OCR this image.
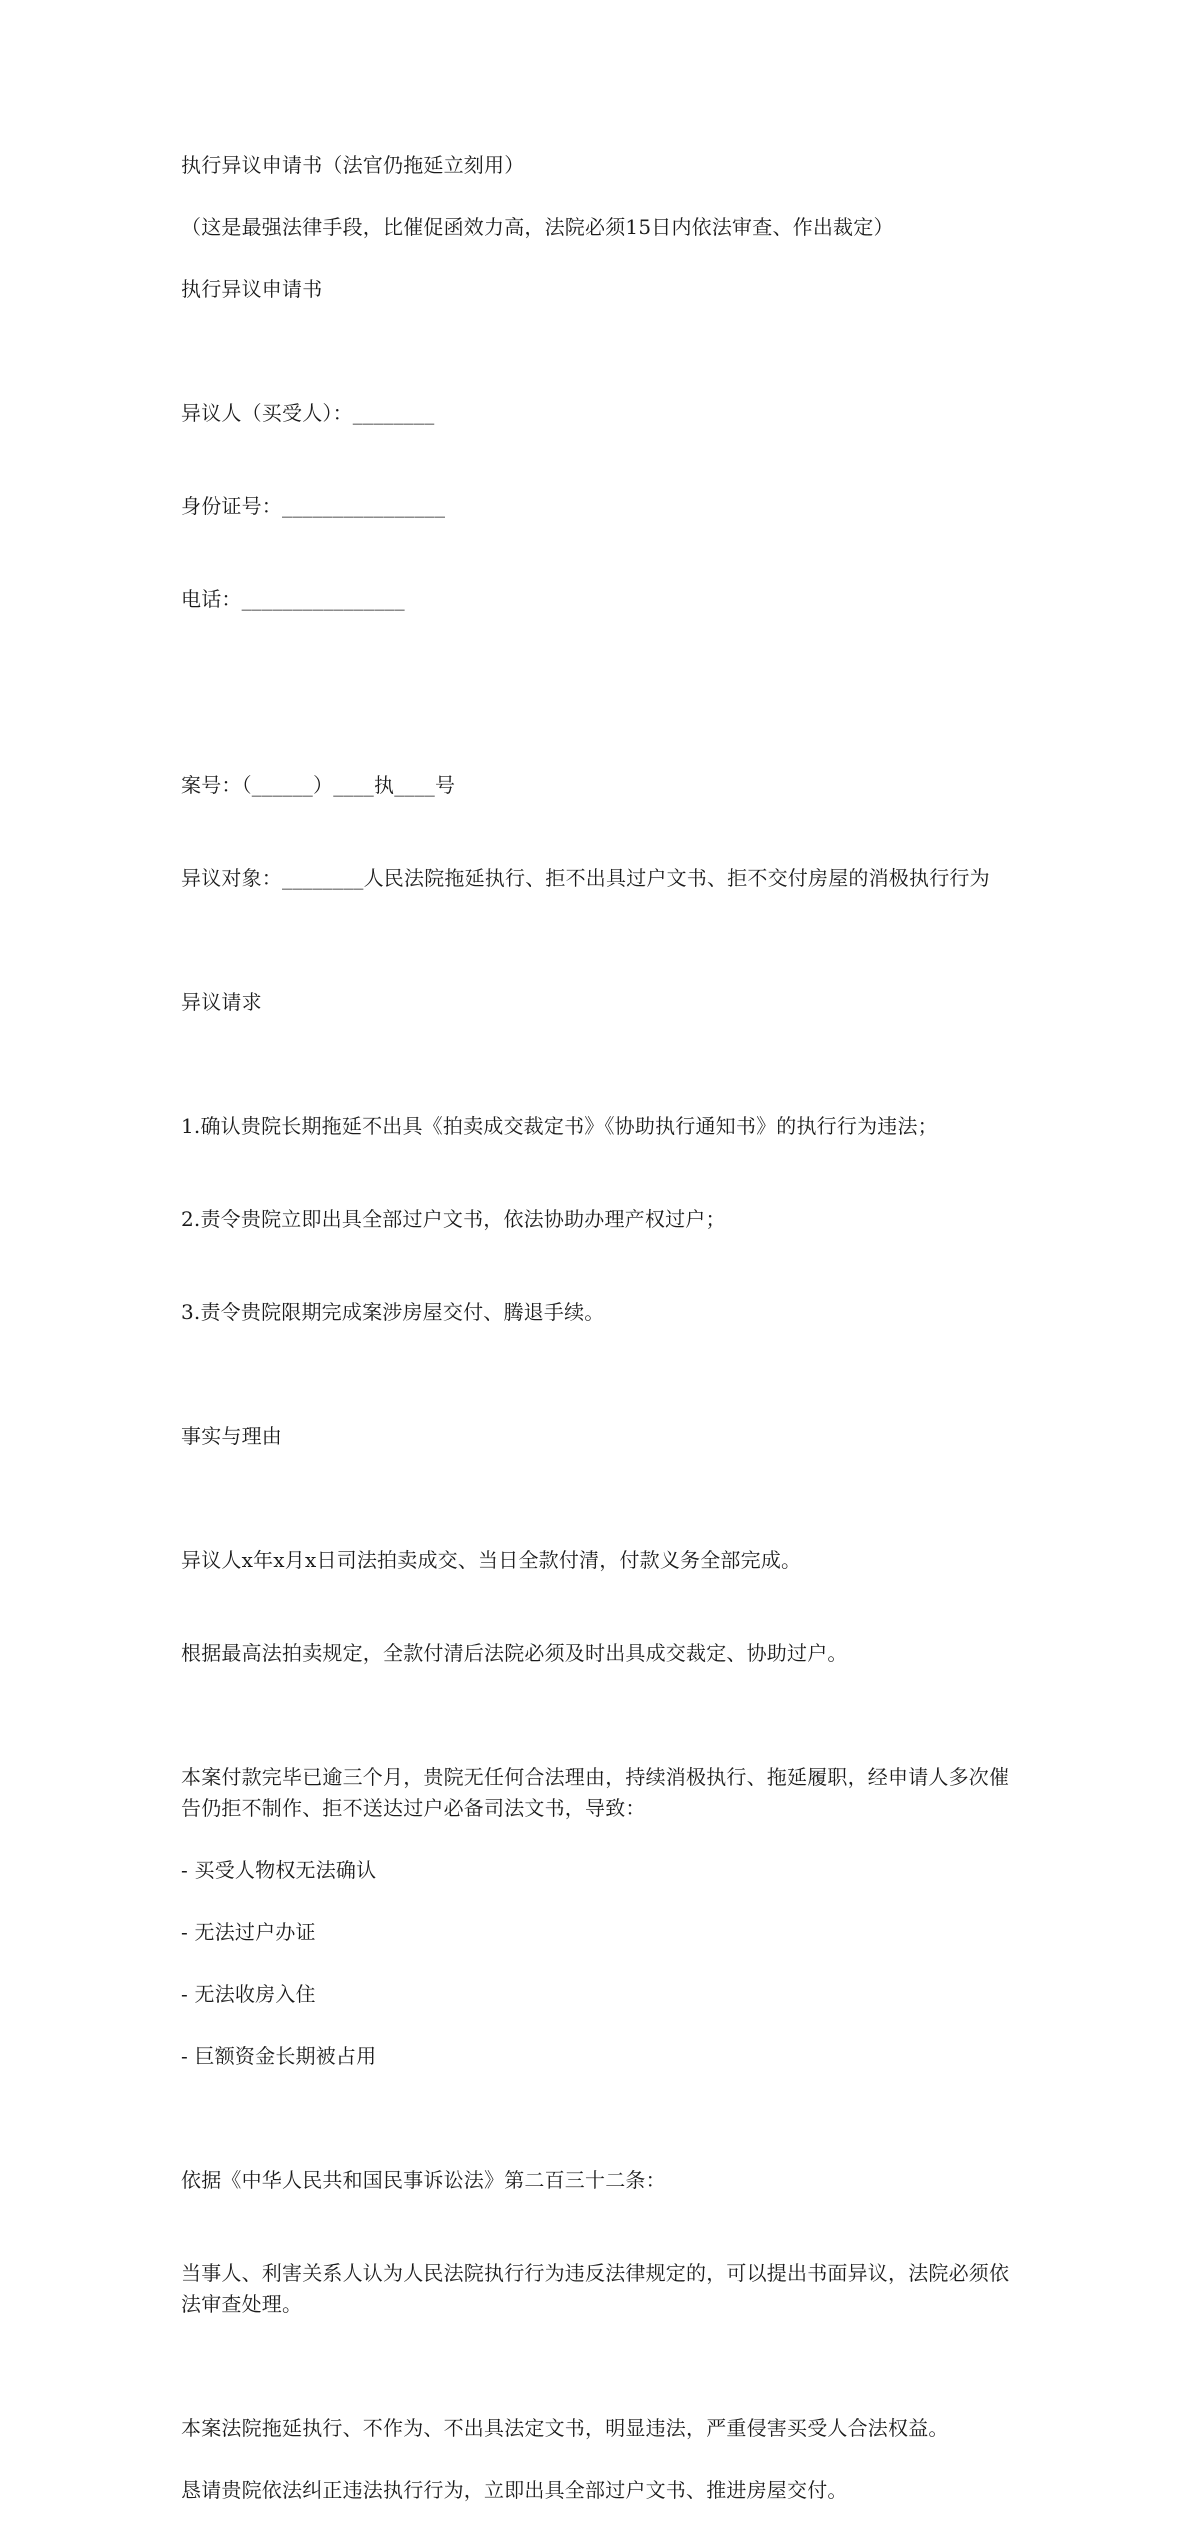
执行异议申请书（法官仍拖延立刻用）

（这是最强法律手段，比催促函效力高，法院必须15日内依法审查、作出裁定）

执行异议申请书

异议人（买受人）：________

身份证号：________________

电话：________________

案号：（______）____执____号

异议对象：________人民法院拖延执行、拒不出具过户文书、拒不交付房屋的消极执行行为

异议请求

1.确认贵院长期拖延不出具《拍卖成交裁定书》《协助执行通知书》的执行行为违法；

2.责令贵院立即出具全部过户文书，依法协助办理产权过户；

3.责令贵院限期完成案涉房屋交付、腾退手续。

事实与理由

异议人x年x月x日司法拍卖成交、当日全款付清，付款义务全部完成。

根据最高法拍卖规定，全款付清后法院必须及时出具成交裁定、协助过户。

本案付款完毕已逾三个月，贵院无任何合法理由，持续消极执行、拖延履职，经申请人多次催告仍拒不制作、拒不送达过户必备司法文书，导致：

- 买受人物权无法确认

- 无法过户办证

- 无法收房入住

- 巨额资金长期被占用

依据《中华人民共和国民事诉讼法》第二百三十二条：

当事人、利害关系人认为人民法院执行行为违反法律规定的，可以提出书面异议，法院必须依法审查处理。

本案法院拖延执行、不作为、不出具法定文书，明显违法，严重侵害买受人合法权益。

恳请贵院依法纠正违法执行行为，立即出具全部过户文书、推进房屋交付。
